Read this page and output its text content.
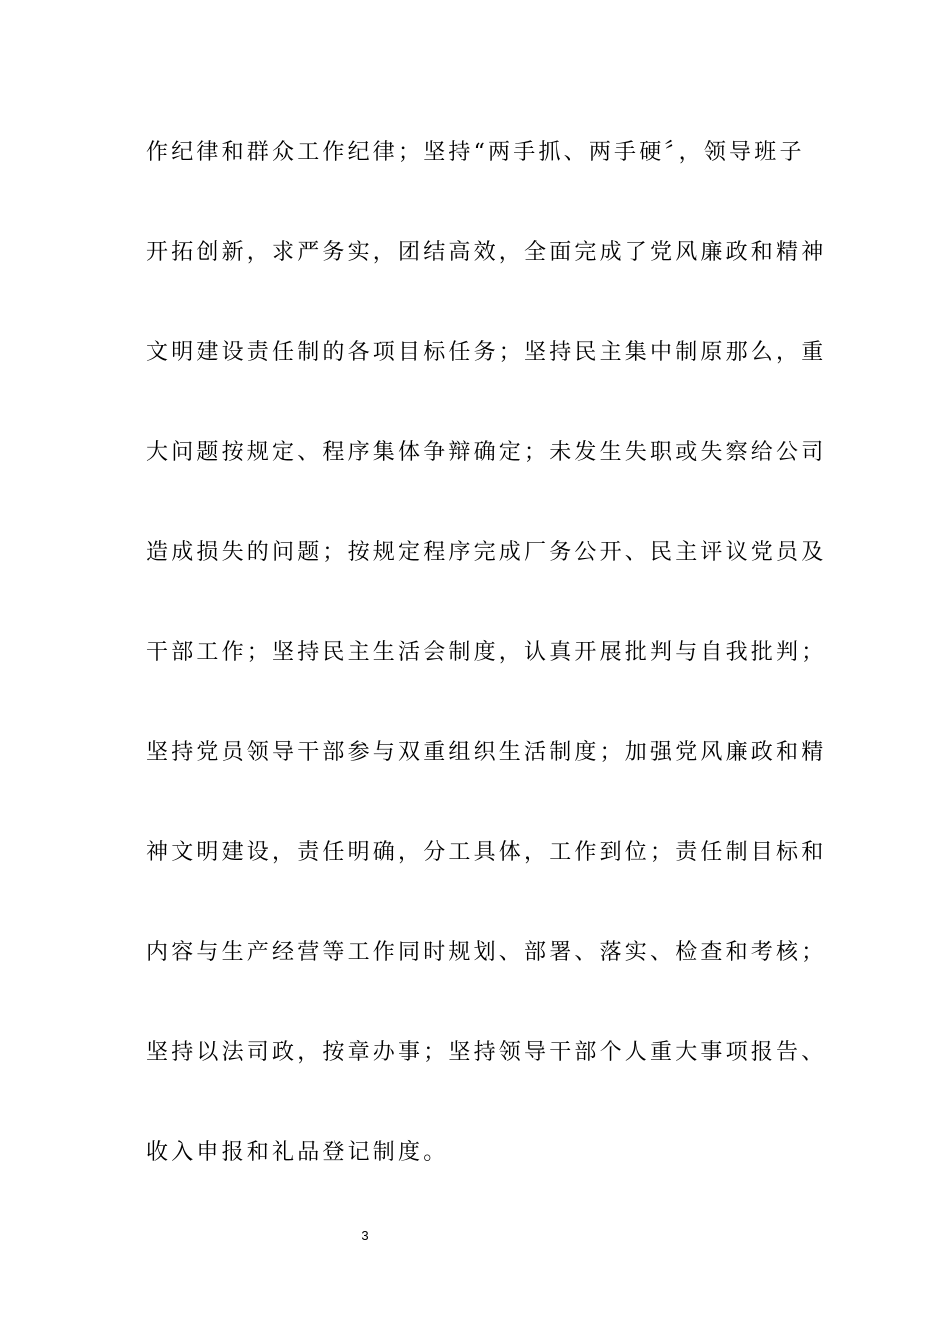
作纪律和群众工作纪律；坚持“两手抓、两手硬〞，领导班子
开拓创新，求严务实，团结高效，全面完成了党风廉政和精神
文明建设责任制的各项目标任务；坚持民主集中制原那么，重
大问题按规定、程序集体争辩确定；未发生失职或失察给公司
造成损失的问题；按规定程序完成厂务公开、民主评议党员及
干部工作；坚持民主生活会制度，认真开展批判与自我批判；
坚持党员领导干部参与双重组织生活制度；加强党风廉政和精
神文明建设，责任明确，分工具体，工作到位；责任制目标和
内容与生产经营等工作同时规划、部署、落实、检查和考核；
坚持以法司政，按章办事；坚持领导干部个人重大事项报告、
收入申报和礼品登记制度。
3
